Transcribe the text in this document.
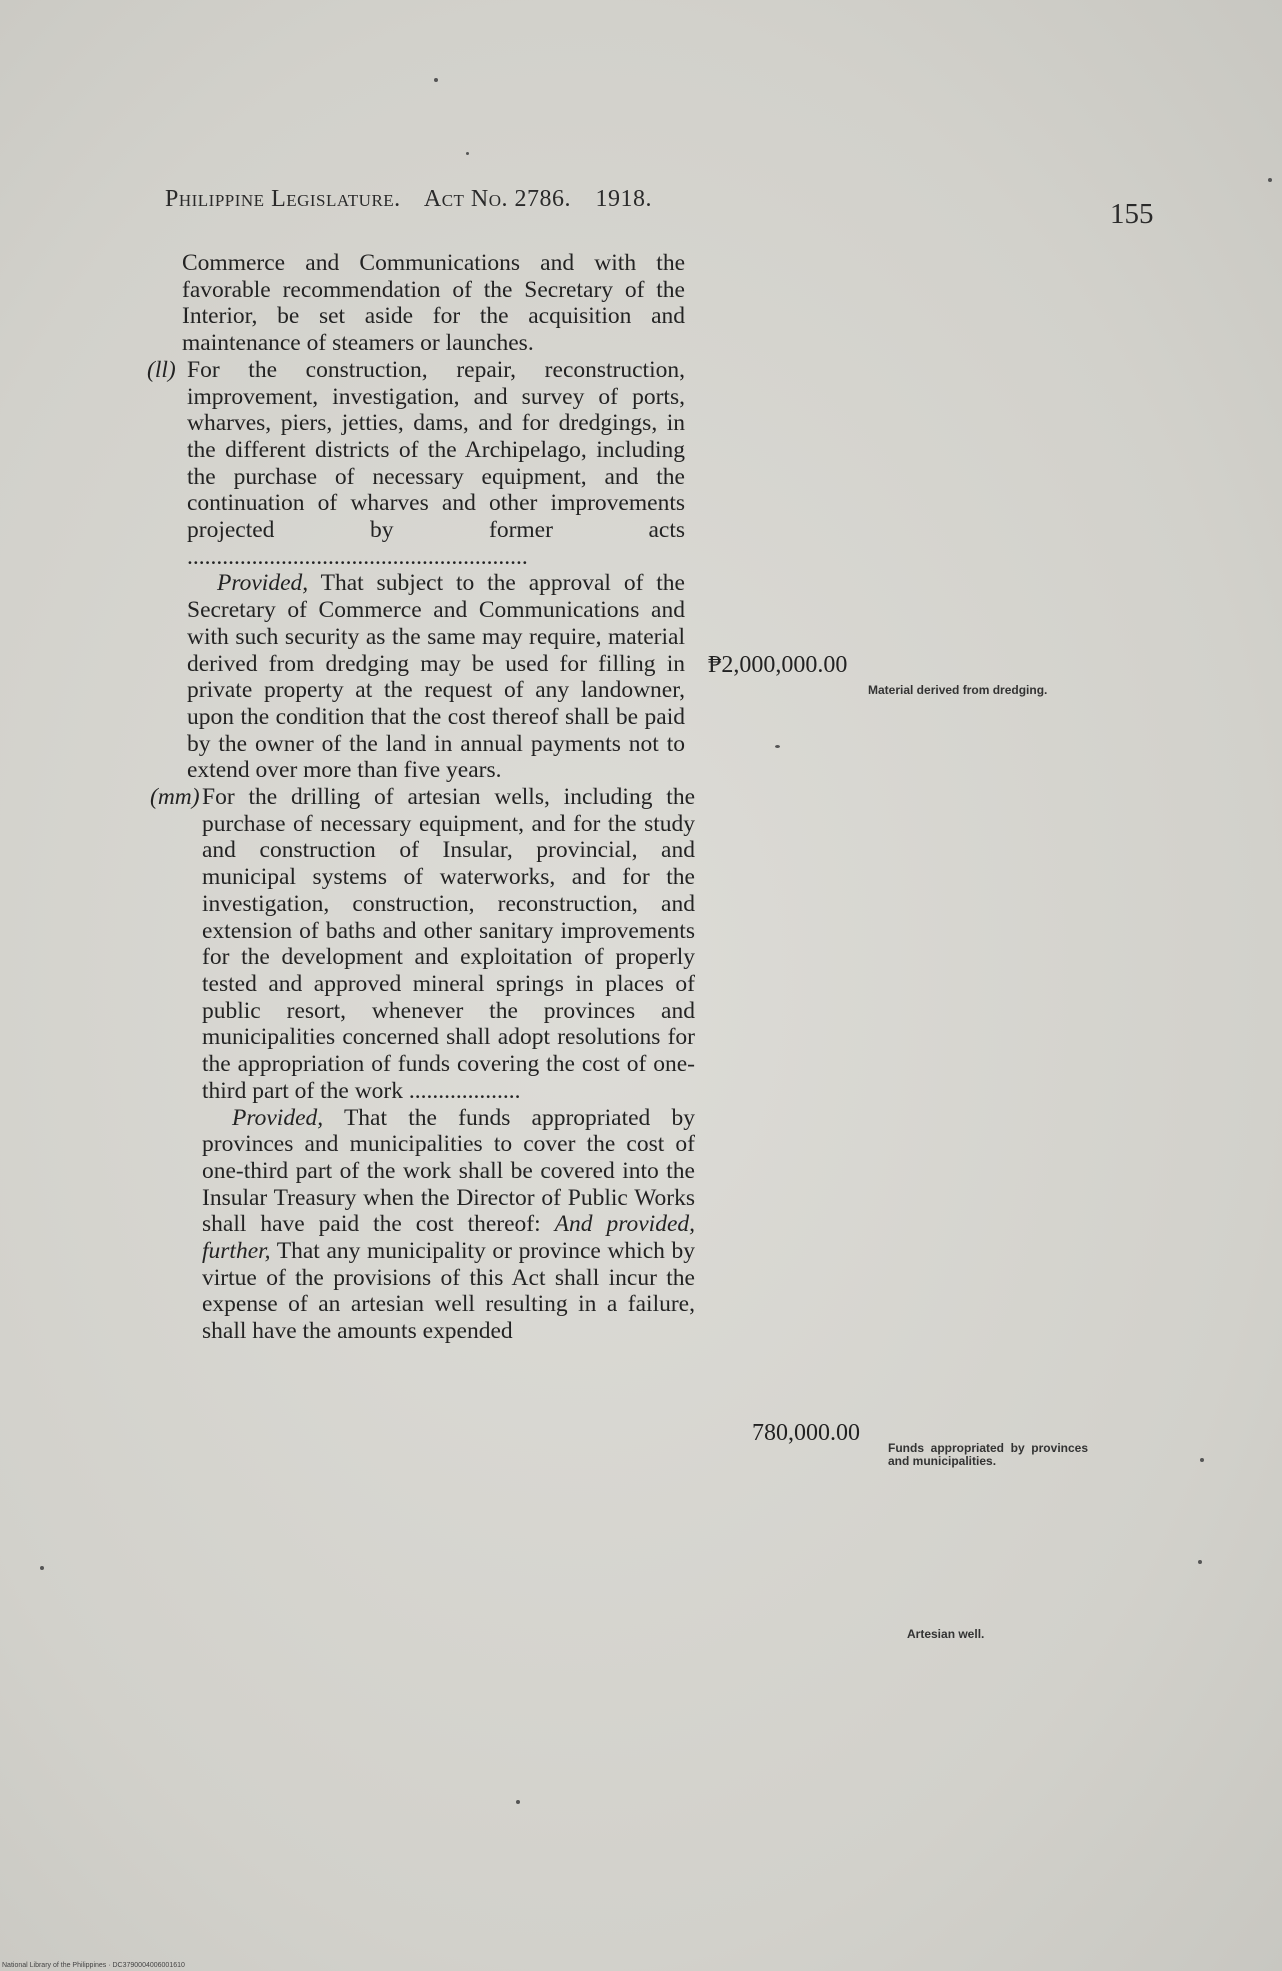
Philippine Legislature. Act No. 2786. 1918.	155
Commerce and Communications and with the favorable recommendation of the Secretary of the Interior, be set aside for the acquisition and maintenance of steamers or launches.
(ll) For the construction, repair, reconstruction, improvement, investigation, and survey of ports, wharves, piers, jetties, dams, and for dredgings, in the different districts of the Archipelago, including the purchase of necessary equipment, and the continuation of wharves and other improvements projected by former acts ..........................................................
Provided, That subject to the approval of the Secretary of Commerce and Communications and with such security as the same may require, material derived from dredging may be used for filling in private property at the request of any landowner, upon the condition that the cost thereof shall be paid by the owner of the land in annual payments not to extend over more than five years.
(mm) For the drilling of artesian wells, including the purchase of necessary equipment, and for the study and construction of Insular, provincial, and municipal systems of waterworks, and for the investigation, construction, reconstruction, and extension of baths and other sanitary improvements for the development and exploitation of properly tested and approved mineral springs in places of public resort, whenever the provinces and municipalities concerned shall adopt resolutions for the appropriation of funds covering the cost of one-third part of the work ...................
Provided, That the funds appropriated by provinces and municipalities to cover the cost of one-third part of the work shall be covered into the Insular Treasury when the Director of Public Works shall have paid the cost thereof: And provided, further, That any municipality or province which by virtue of the provisions of this Act shall incur the expense of an artesian well resulting in a failure, shall have the amounts expended
₱2,000,000.00
780,000.00
Material derived from dredging.
Funds appropriated by provinces and municipalities.
Artesian well.
National Library of the Philippines · DC3790004006001610
